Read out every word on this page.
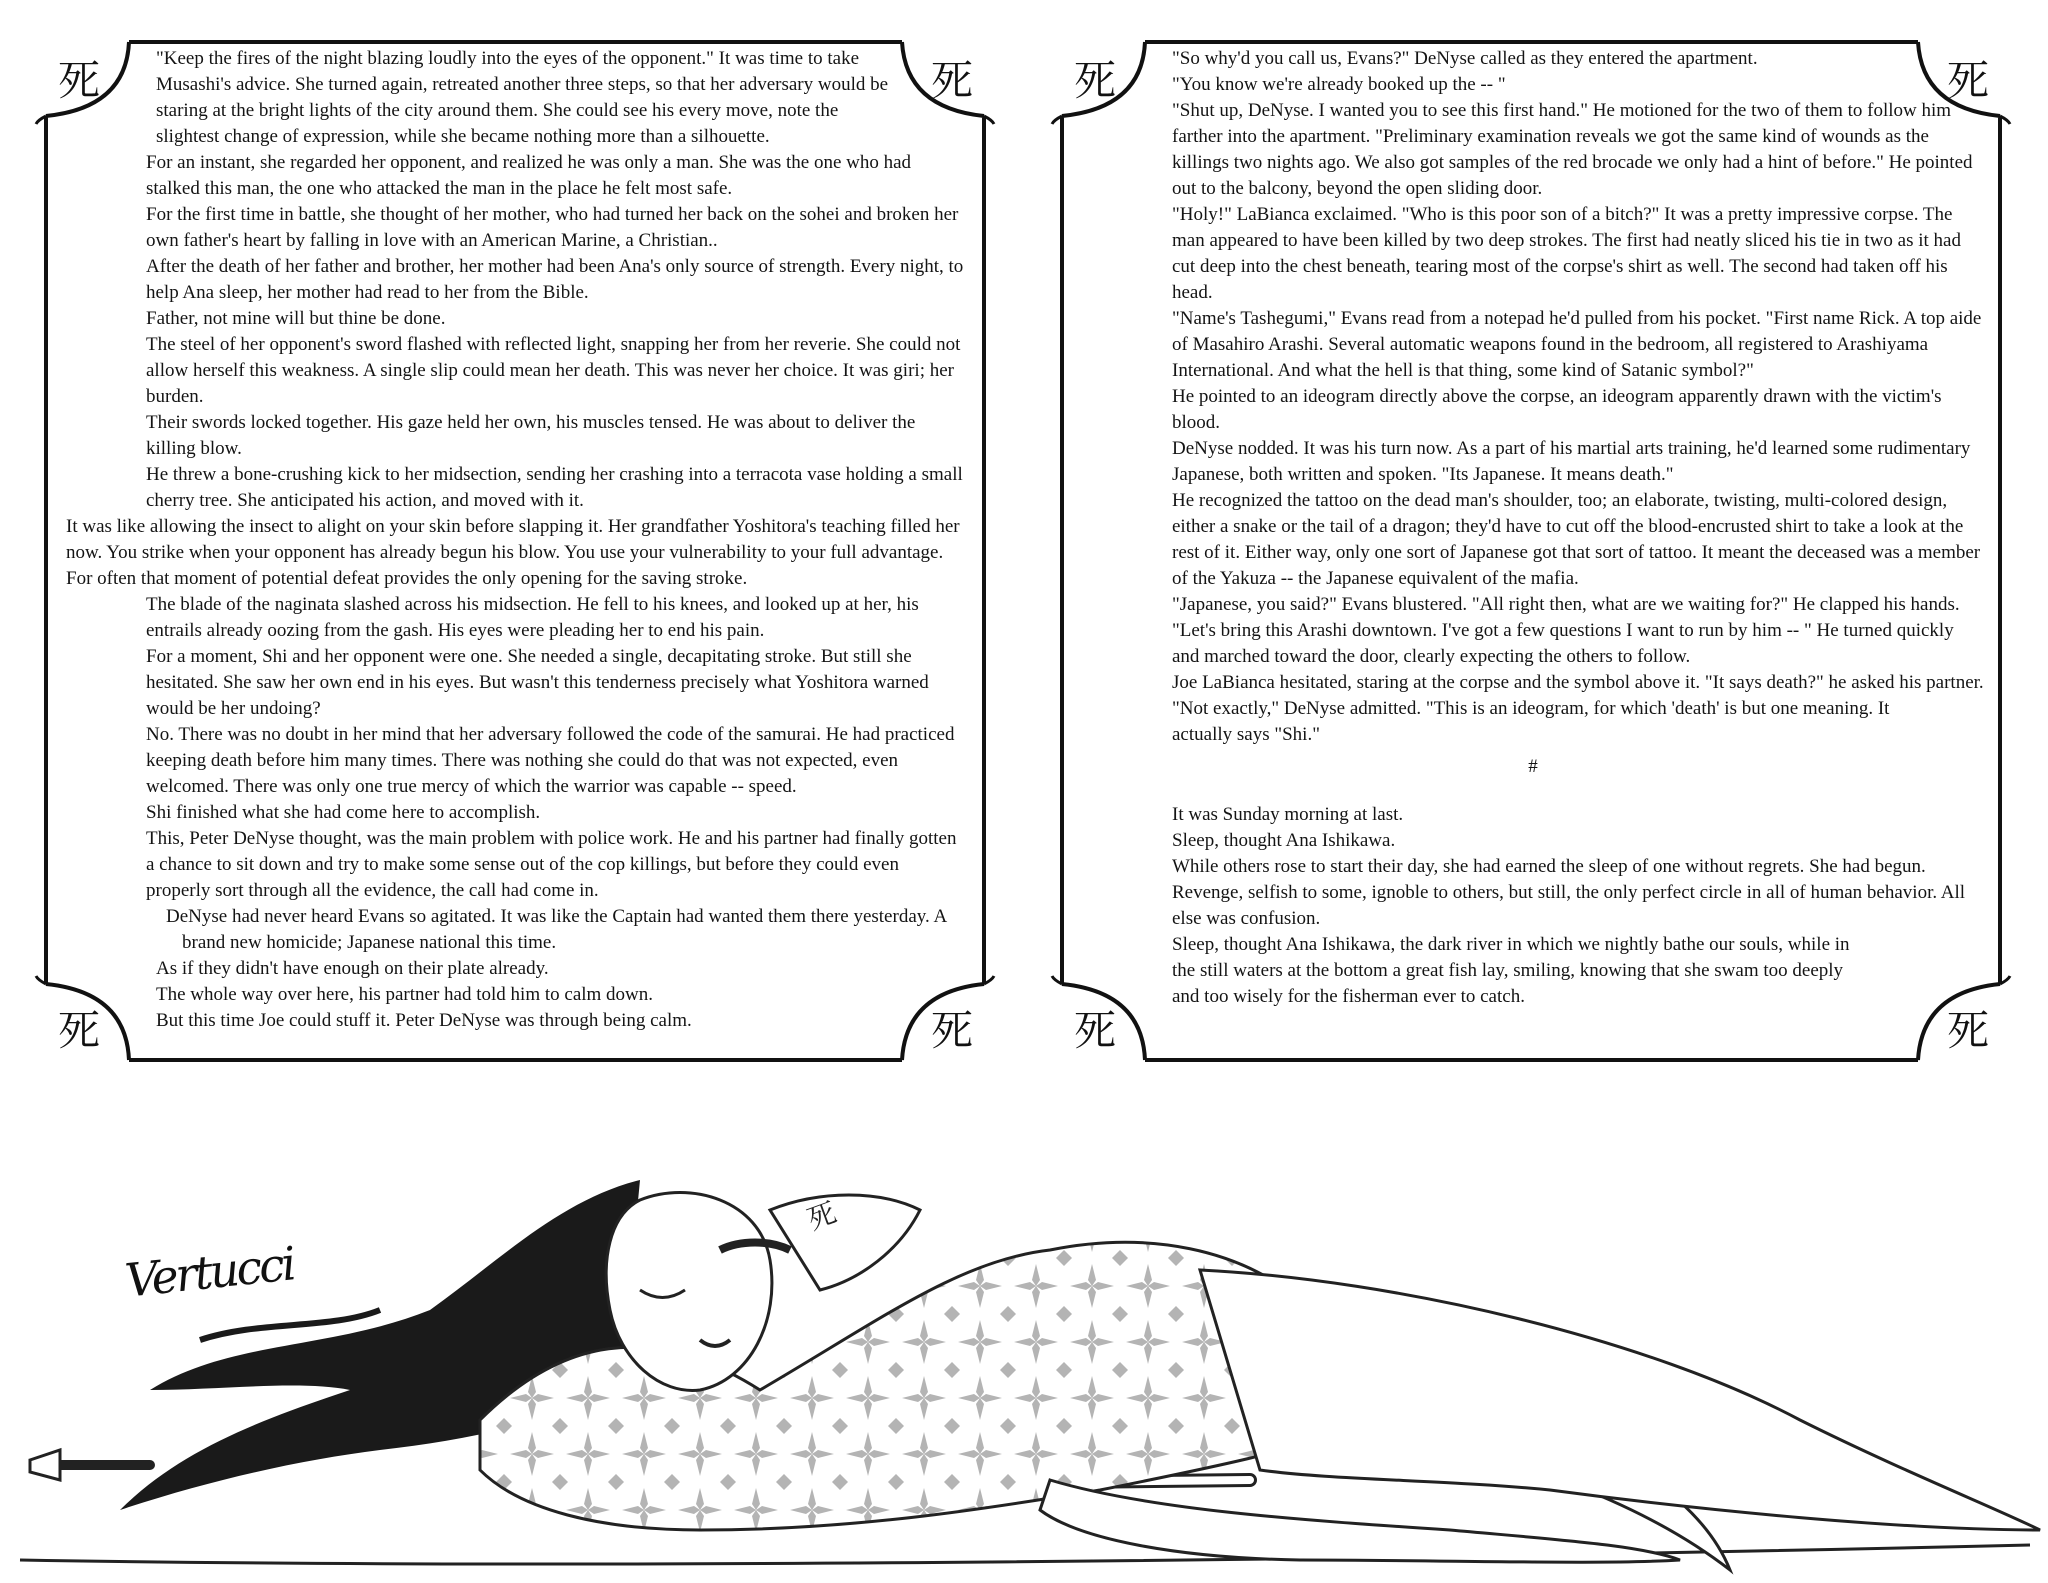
死	死
死	死

"Keep the fires of the night blazing loudly into the eyes of the opponent." It was time to take Musashi's advice. She turned again, retreated another three steps, so that her adversary would be staring at the bright lights of the city around them. She could see his every move, note the slightest change of expression, while she became nothing more than a silhouette.

For an instant, she regarded her opponent, and realized he was only a man. She was the one who had stalked this man, the one who attacked the man in the place he felt most safe.

For the first time in battle, she thought of her mother, who had turned her back on the sohei and broken her own father's heart by falling in love with an American Marine, a Christian..

After the death of her father and brother, her mother had been Ana's only source of strength. Every night, to help Ana sleep, her mother had read to her from the Bible.

Father, not mine will but thine be done.

The steel of her opponent's sword flashed with reflected light, snapping her from her reverie. She could not allow herself this weakness. A single slip could mean her death. This was never her choice. It was giri; her burden.

Their swords locked together. His gaze held her own, his muscles tensed. He was about to deliver the killing blow.

He threw a bone-crushing kick to her midsection, sending her crashing into a terracota vase holding a small cherry tree. She anticipated his action, and moved with it.

It was like allowing the insect to alight on your skin before slapping it. Her grandfather Yoshitora's teaching filled her now. You strike when your opponent has already begun his blow. You use your vulnerability to your full advantage. For often that moment of potential defeat provides the only opening for the saving stroke.

The blade of the naginata slashed across his midsection. He fell to his knees, and looked up at her, his entrails already oozing from the gash. His eyes were pleading her to end his pain.

For a moment, Shi and her opponent were one. She needed a single, decapitating stroke. But still she hesitated. She saw her own end in his eyes. But wasn't this tenderness precisely what Yoshitora warned would be her undoing?

No. There was no doubt in her mind that her adversary followed the code of the samurai. He had practiced keeping death before him many times. There was nothing she could do that was not expected, even welcomed. There was only one true mercy of which the warrior was capable -- speed.

Shi finished what she had come here to accomplish.

This, Peter DeNyse thought, was the main problem with police work. He and his partner had finally gotten a chance to sit down and try to make some sense out of the cop killings, but before they could even properly sort through all the evidence, the call had come in.

DeNyse had never heard Evans so agitated. It was like the Captain had wanted them there yesterday. A brand new homicide; Japanese national this time.

As if they didn't have enough on their plate already.

The whole way over here, his partner had told him to calm down.

But this time Joe could stuff it. Peter DeNyse was through being calm.

死	死
死	死

"So why'd you call us, Evans?" DeNyse called as they entered the apartment.

"You know we're already booked up the -- "

"Shut up, DeNyse. I wanted you to see this first hand." He motioned for the two of them to follow him farther into the apartment. "Preliminary examination reveals we got the same kind of wounds as the killings two nights ago. We also got samples of the red brocade we only had a hint of before." He pointed out to the balcony, beyond the open sliding door.

"Holy!" LaBianca exclaimed. "Who is this poor son of a bitch?" It was a pretty impressive corpse. The man appeared to have been killed by two deep strokes. The first had neatly sliced his tie in two as it had cut deep into the chest beneath, tearing most of the corpse's shirt as well. The second had taken off his head.

"Name's Tashegumi," Evans read from a notepad he'd pulled from his pocket. "First name Rick. A top aide of Masahiro Arashi. Several automatic weapons found in the bedroom, all registered to Arashiyama International. And what the hell is that thing, some kind of Satanic symbol?"

He pointed to an ideogram directly above the corpse, an ideogram apparently drawn with the victim's blood.

DeNyse nodded. It was his turn now. As a part of his martial arts training, he'd learned some rudimentary Japanese, both written and spoken. "Its Japanese. It means death."

He recognized the tattoo on the dead man's shoulder, too; an elaborate, twisting, multi-colored design, either a snake or the tail of a dragon; they'd have to cut off the blood-encrusted shirt to take a look at the rest of it. Either way, only one sort of Japanese got that sort of tattoo. It meant the deceased was a member of the Yakuza -- the Japanese equivalent of the mafia.

"Japanese, you said?" Evans blustered. "All right then, what are we waiting for?" He clapped his hands. "Let's bring this Arashi downtown. I've got a few questions I want to run by him -- " He turned quickly and marched toward the door, clearly expecting the others to follow.

Joe LaBianca hesitated, staring at the corpse and the symbol above it. "It says death?" he asked his partner.

"Not exactly," DeNyse admitted. "This is an ideogram, for which 'death' is but one meaning. It actually says "Shi."

#

It was Sunday morning at last.

Sleep, thought Ana Ishikawa.

While others rose to start their day, she had earned the sleep of one without regrets. She had begun. Revenge, selfish to some, ignoble to others, but still, the only perfect circle in all of human behavior. All else was confusion.

Sleep, thought Ana Ishikawa, the dark river in which we nightly bathe our souls, while in the still waters at the bottom a great fish lay, smiling, knowing that she swam too deeply and too wisely for the fisherman ever to catch.

死
Vertucci
